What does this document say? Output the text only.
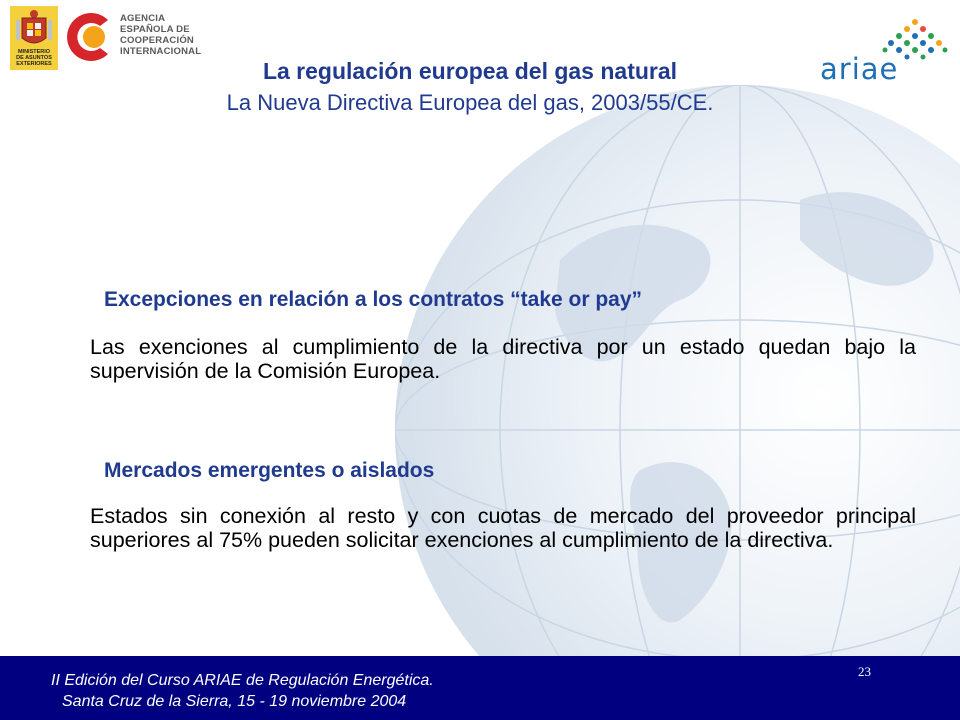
MINISTERIO
DE ASUNTOS
EXTERIORES
AGENCIA
ESPAÑOLA DE
COOPERACIÓN
INTERNACIONAL
ariae
La regulación europea del gas natural
La Nueva Directiva Europea del gas, 2003/55/CE.
Excepciones en relación a los contratos “take or pay”
Las exenciones al cumplimiento de la directiva por un estado quedan bajo la supervisión de la Comisión Europea.
Mercados emergentes o aislados
Estados sin conexión al resto y con cuotas de mercado del proveedor principal superiores al 75% pueden solicitar exenciones al cumplimiento de la directiva.
II Edición del Curso ARIAE de Regulación Energética.
Santa Cruz de la Sierra, 15 - 19 noviembre 2004
23
